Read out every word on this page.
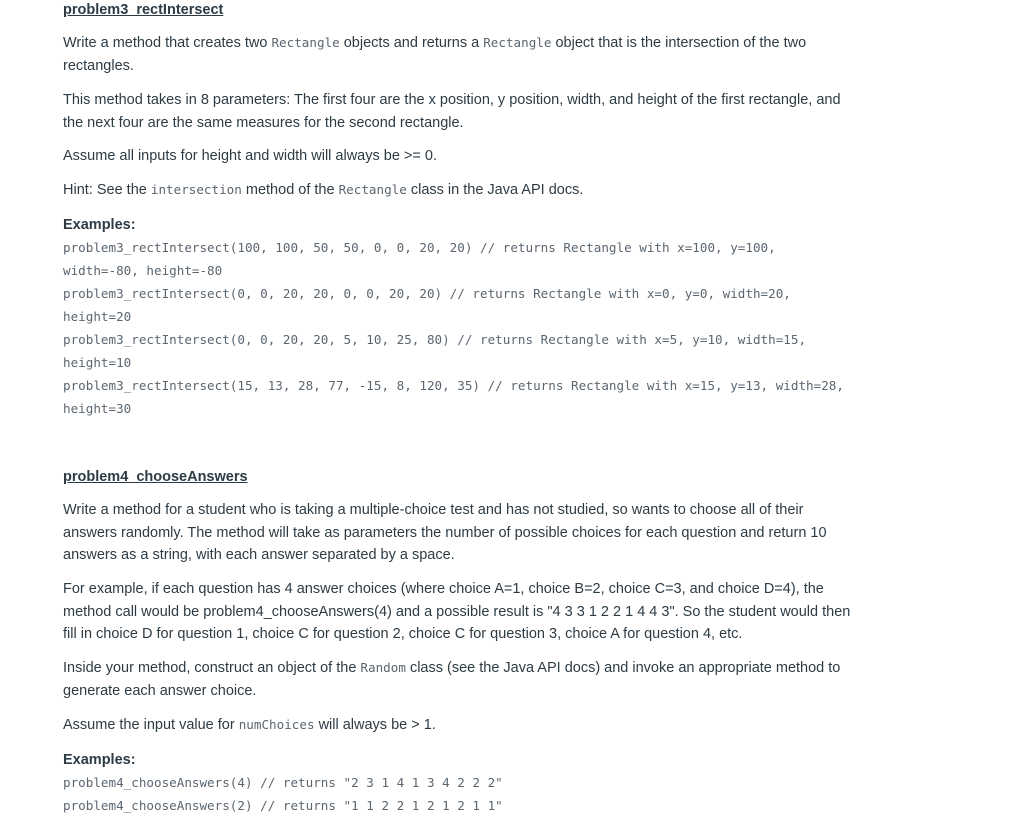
problem3_rectIntersect

Write a method that creates two Rectangle objects and returns a Rectangle object that is the intersection of the two rectangles.

This method takes in 8 parameters: The first four are the x position, y position, width, and height of the first rectangle, and the next four are the same measures for the second rectangle.

Assume all inputs for height and width will always be >= 0.

Hint: See the intersection method of the Rectangle class in the Java API docs.

Examples:

problem3_rectIntersect(100, 100, 50, 50, 0, 0, 20, 20) // returns Rectangle with x=100, y=100, width=-80, height=-80

problem3_rectIntersect(0, 0, 20, 20, 0, 0, 20, 20) // returns Rectangle with x=0, y=0, width=20, height=20

problem3_rectIntersect(0, 0, 20, 20, 5, 10, 25, 80) // returns Rectangle with x=5, y=10, width=15, height=10

problem3_rectIntersect(15, 13, 28, 77, -15, 8, 120, 35) // returns Rectangle with x=15, y=13, width=28, height=30

problem4_chooseAnswers

Write a method for a student who is taking a multiple-choice test and has not studied, so wants to choose all of their answers randomly. The method will take as parameters the number of possible choices for each question and return 10 answers as a string, with each answer separated by a space.

For example, if each question has 4 answer choices (where choice A=1, choice B=2, choice C=3, and choice D=4), the method call would be problem4_chooseAnswers(4) and a possible result is "4 3 3 1 2 2 1 4 4 3". So the student would then fill in choice D for question 1, choice C for question 2, choice C for question 3, choice A for question 4, etc.

Inside your method, construct an object of the Random class (see the Java API docs) and invoke an appropriate method to generate each answer choice.

Assume the input value for numChoices will always be > 1.

Examples:

problem4_chooseAnswers(4) // returns "2 3 1 4 1 3 4 2 2 2"

problem4_chooseAnswers(2) // returns "1 1 2 2 1 2 1 2 1 1"
